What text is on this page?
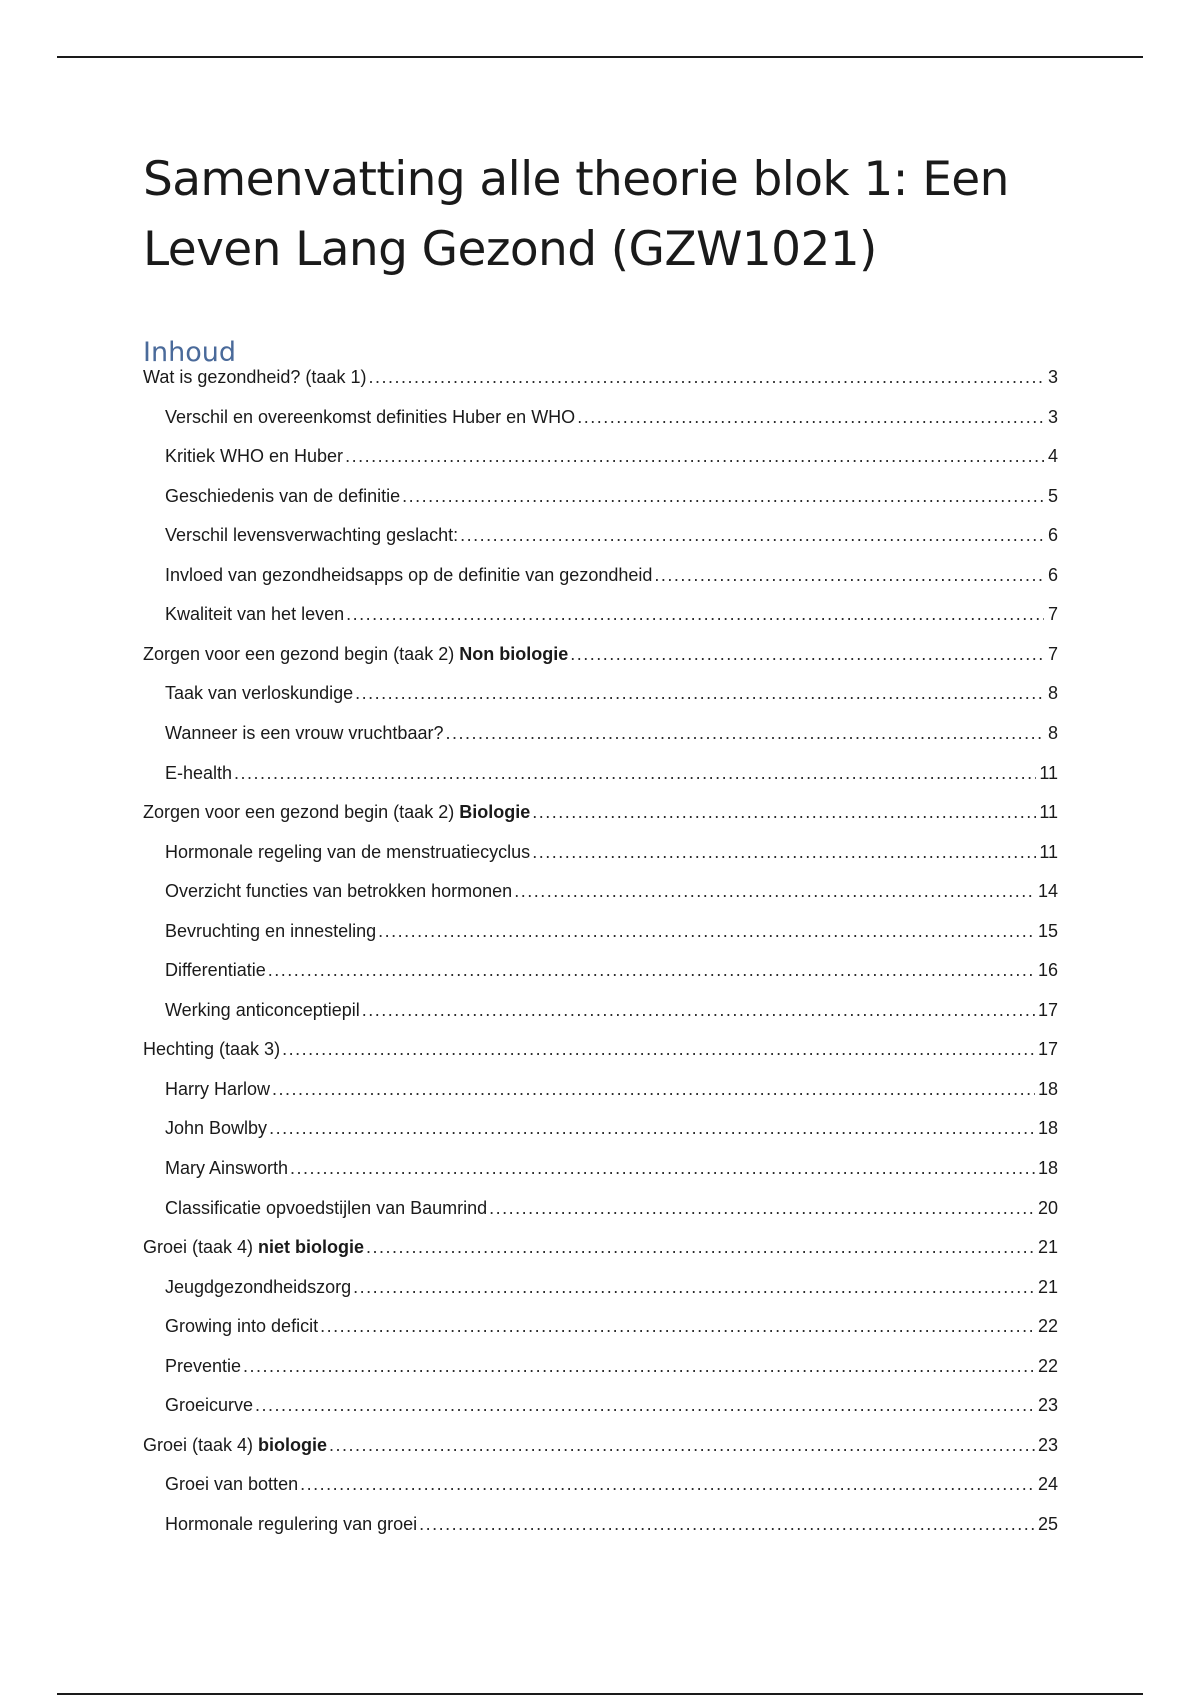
Samenvatting alle theorie blok 1: Een
Leven Lang Gezond (GZW1021)
Inhoud
Wat is gezondheid? (taak 1) .....	3
Verschil en overeenkomst definities Huber en WHO .....	3
Kritiek WHO en Huber .....	4
Geschiedenis van de definitie .....	5
Verschil levensverwachting geslacht: .....	6
Invloed van gezondheidsapps op de definitie van gezondheid .....	6
Kwaliteit van het leven .....	7
Zorgen voor een gezond begin (taak 2) Non biologie .....	7
Taak van verloskundige .....	8
Wanneer is een vrouw vruchtbaar? .....	8
E-health .....	11
Zorgen voor een gezond begin (taak 2) Biologie .....	11
Hormonale regeling van de menstruatiecyclus .....	11
Overzicht functies van betrokken hormonen .....	14
Bevruchting en innesteling .....	15
Differentiatie .....	16
Werking anticonceptiepil .....	17
Hechting (taak 3) .....	17
Harry Harlow .....	18
John Bowlby .....	18
Mary Ainsworth .....	18
Classificatie opvoedstijlen van Baumrind .....	20
Groei (taak 4) niet biologie .....	21
Jeugdgezondheidszorg .....	21
Growing into deficit .....	22
Preventie .....	22
Groeicurve .....	23
Groei (taak 4) biologie .....	23
Groei van botten .....	24
Hormonale regulering van groei .....	25
